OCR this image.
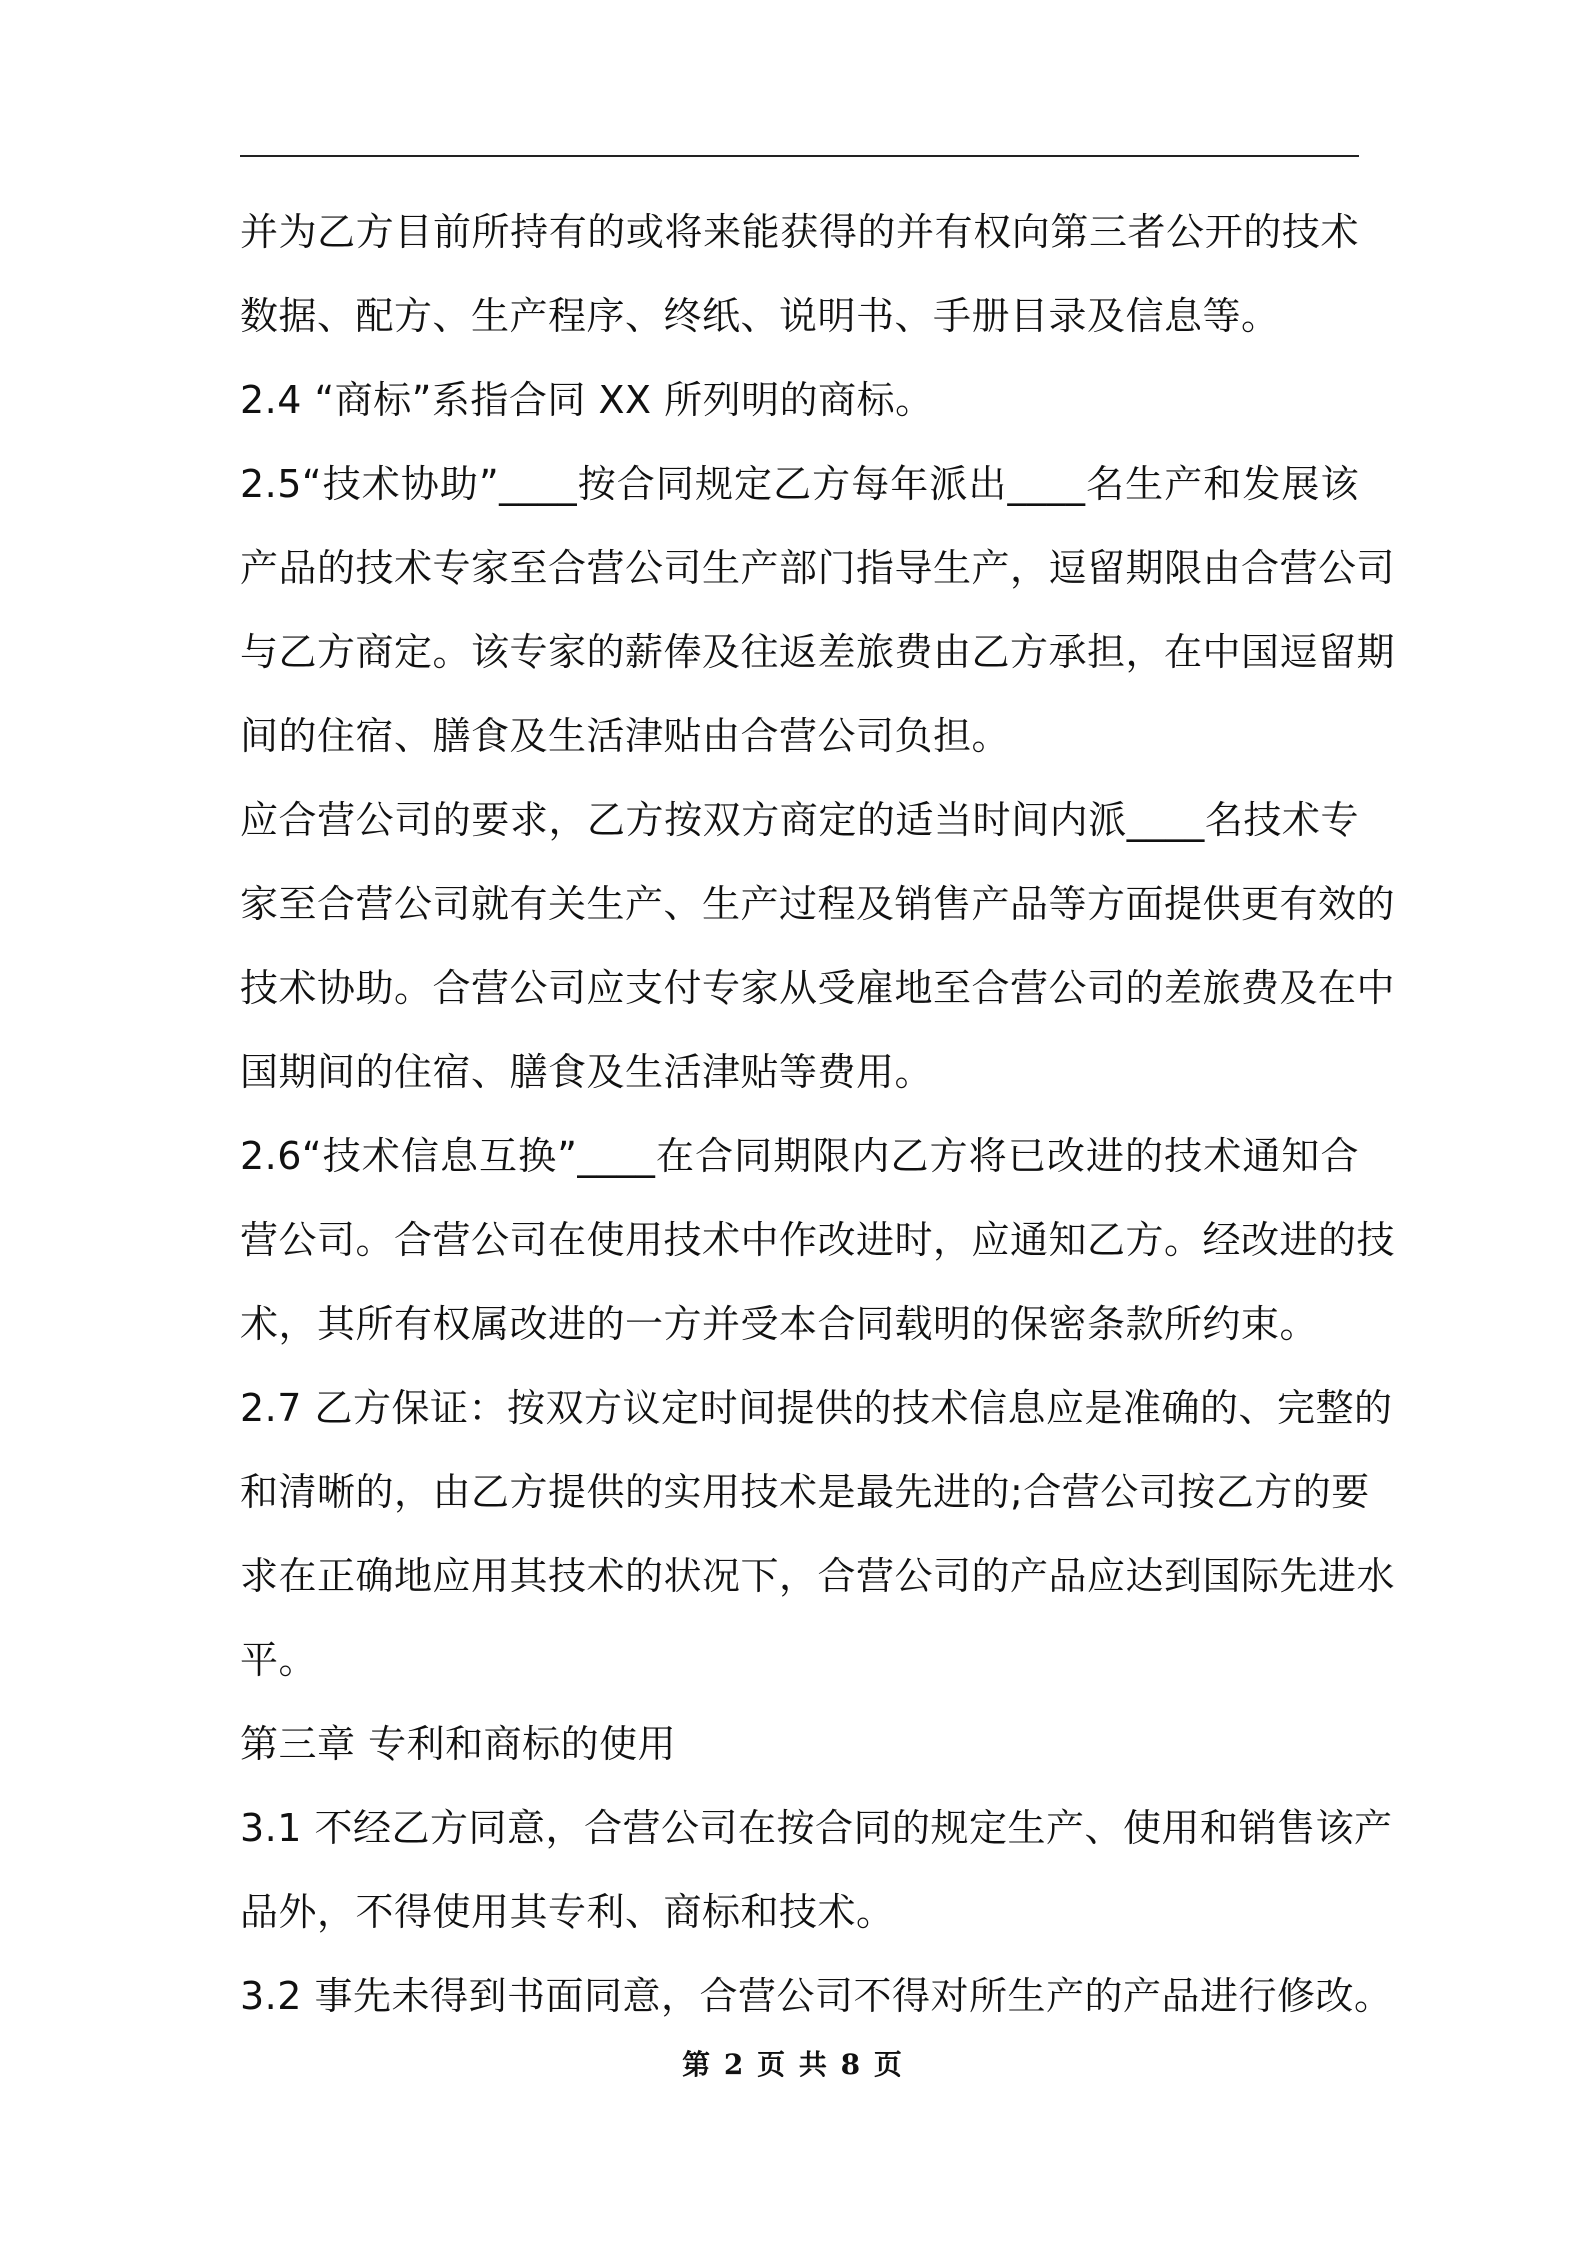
并为乙方目前所持有的或将来能获得的并有权向第三者公开的技术
数据、配方、生产程序、终纸、说明书、手册目录及信息等。
2.4 “商标”系指合同 XX 所列明的商标。
2.5“技术协助”____按合同规定乙方每年派出____名生产和发展该
产品的技术专家至合营公司生产部门指导生产，逗留期限由合营公司
与乙方商定。该专家的薪俸及往返差旅费由乙方承担，在中国逗留期
间的住宿、膳食及生活津贴由合营公司负担。
应合营公司的要求，乙方按双方商定的适当时间内派____名技术专
家至合营公司就有关生产、生产过程及销售产品等方面提供更有效的
技术协助。合营公司应支付专家从受雇地至合营公司的差旅费及在中
国期间的住宿、膳食及生活津贴等费用。
2.6“技术信息互换”____在合同期限内乙方将已改进的技术通知合
营公司。合营公司在使用技术中作改进时，应通知乙方。经改进的技
术，其所有权属改进的一方并受本合同载明的保密条款所约束。
2.7 乙方保证：按双方议定时间提供的技术信息应是准确的、完整的
和清晰的，由乙方提供的实用技术是最先进的;合营公司按乙方的要
求在正确地应用其技术的状况下，合营公司的产品应达到国际先进水
平。
第三章 专利和商标的使用
3.1 不经乙方同意，合营公司在按合同的规定生产、使用和销售该产
品外，不得使用其专利、商标和技术。
3.2 事先未得到书面同意，合营公司不得对所生产的产品进行修改。
第 2 页 共 8 页
